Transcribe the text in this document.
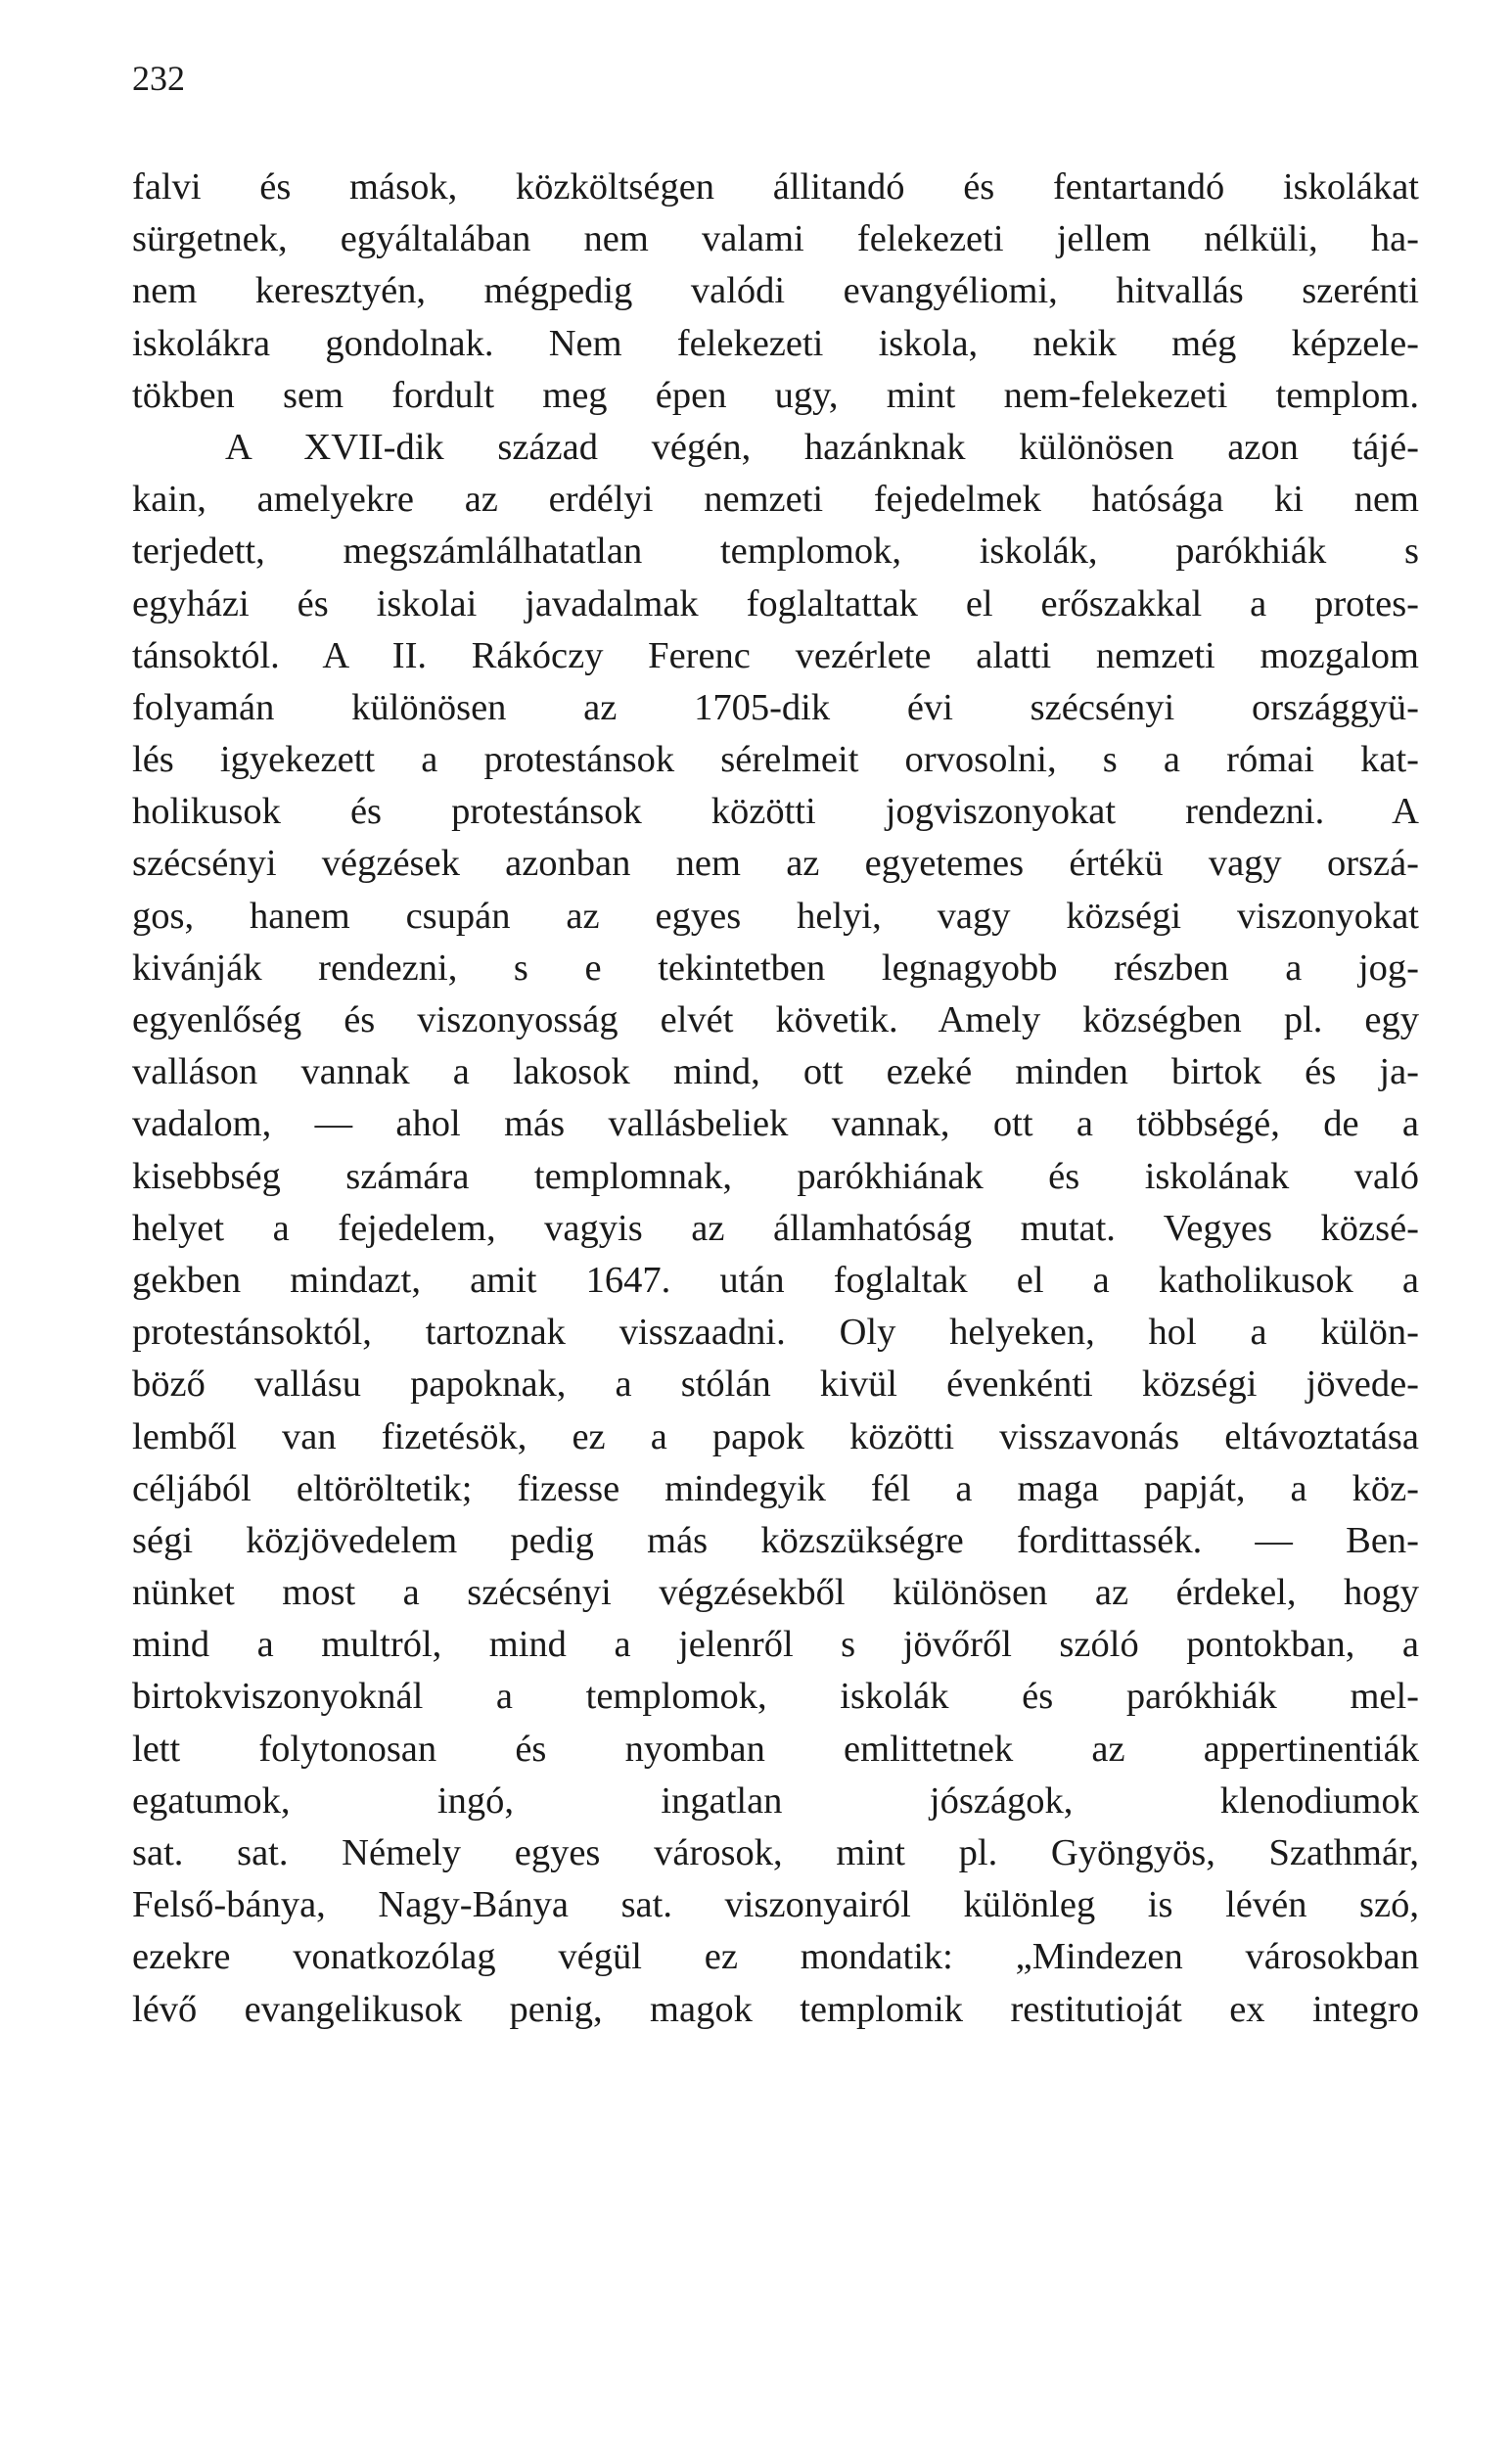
232
falvi és mások, közköltségen állitandó és fentartandó iskolákat
sürgetnek, egyáltalában nem valami felekezeti jellem nélküli, ha-
nem keresztyén, mégpedig valódi evangyéliomi, hitvallás szerénti
iskolákra gondolnak. Nem felekezeti iskola, nekik még képzele-
tökben sem fordult meg épen ugy, mint nem-felekezeti templom.
A XVII-dik század végén, hazánknak különösen azon tájé-
kain, amelyekre az erdélyi nemzeti fejedelmek hatósága ki nem
terjedett, megszámlálhatatlan templomok, iskolák, parókhiák s
egyházi és iskolai javadalmak foglaltattak el erőszakkal a protes-
tánsoktól. A II. Rákóczy Ferenc vezérlete alatti nemzeti mozgalom
folyamán különösen az 1705-dik évi szécsényi országgyü-
lés igyekezett a protestánsok sérelmeit orvosolni, s a római kat-
holikusok és protestánsok közötti jogviszonyokat rendezni. A
szécsényi végzések azonban nem az egyetemes értékü vagy orszá-
gos, hanem csupán az egyes helyi, vagy községi viszonyokat
kivánják rendezni, s e tekintetben legnagyobb részben a jog-
egyenlőség és viszonyosság elvét követik. Amely községben pl. egy
valláson vannak a lakosok mind, ott ezeké minden birtok és ja-
vadalom, — ahol más vallásbeliek vannak, ott a többségé, de a
kisebbség számára templomnak, parókhiának és iskolának való
helyet a fejedelem, vagyis az államhatóság mutat. Vegyes közsé-
gekben mindazt, amit 1647. után foglaltak el a katholikusok a
protestánsoktól, tartoznak visszaadni. Oly helyeken, hol a külön-
böző vallásu papoknak, a stólán kivül évenkénti községi jövede-
lemből van fizetésök, ez a papok közötti visszavonás eltávoztatása
céljából eltöröltetik; fizesse mindegyik fél a maga papját, a köz-
ségi közjövedelem pedig más közszükségre fordittassék. — Ben-
nünket most a szécsényi végzésekből különösen az érdekel, hogy
mind a multról, mind a jelenről s jövőről szóló pontokban, a
birtokviszonyoknál a templomok, iskolák és parókhiák mel-
lett folytonosan és nyomban emlittetnek az appertinentiák
egatumok, ingó, ingatlan jószágok, klenodiumok
sat. sat. Némely egyes városok, mint pl. Gyöngyös, Szathmár,
Felső-bánya, Nagy-Bánya sat. viszonyairól különleg is lévén szó,
ezekre vonatkozólag végül ez mondatik: „Mindezen városokban
lévő evangelikusok penig, magok templomik restitutioját ex integro
